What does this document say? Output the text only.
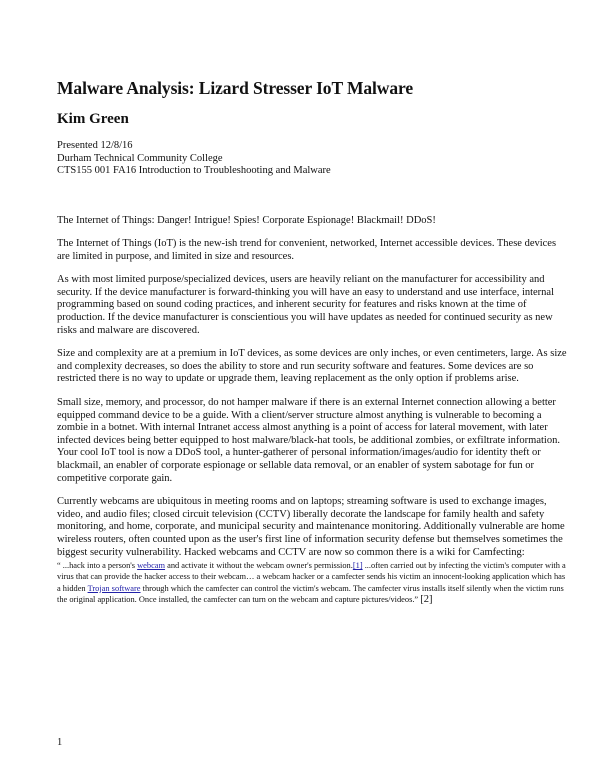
Malware Analysis: Lizard Stresser IoT Malware
Kim Green
Presented 12/8/16
Durham Technical Community College
CTS155 001 FA16 Introduction to Troubleshooting and Malware

The Internet of Things: Danger! Intrigue! Spies! Corporate Espionage! Blackmail! DDoS!

The Internet of Things (IoT) is the new-ish trend for convenient, networked, Internet accessible devices. These devices are limited in purpose, and limited in size and resources.

As with most limited purpose/specialized devices, users are heavily reliant on the manufacturer for accessibility and security. If the device manufacturer is forward-thinking you will have an easy to understand and use interface, internal programming based on sound coding practices, and inherent security for features and risks known at the time of production. If the device manufacturer is conscientious you will have updates as needed for continued security as new risks and malware are discovered.

Size and complexity are at a premium in IoT devices, as some devices are only inches, or even centimeters, large. As size and complexity decreases, so does the ability to store and run security software and features. Some devices are so restricted there is no way to update or upgrade them, leaving replacement as the only option if problems arise.

Small size, memory, and processor, do not hamper malware if there is an external Internet connection allowing a better equipped command device to be a guide. With a client/server structure almost anything is vulnerable to becoming a zombie in a botnet. With internal Intranet access almost anything is a point of access for lateral movement, with later infected devices being better equipped to host malware/black-hat tools, be additional zombies, or exfiltrate information. Your cool IoT tool is now a DDoS tool, a hunter-gatherer of personal information/images/audio for identity theft or blackmail, an enabler of corporate espionage or sellable data removal, or an enabler of system sabotage for fun or competitive corporate gain.

Currently webcams are ubiquitous in meeting rooms and on laptops; streaming software is used to exchange images, video, and audio files; closed circuit television (CCTV) liberally decorate the landscape for family health and safety monitoring, and home, corporate, and municipal security and maintenance monitoring. Additionally vulnerable are home wireless routers, often counted upon as the user's first line of information security defense but themselves sometimes the biggest security vulnerability. Hacked webcams and CCTV are now so common there is a wiki for Camfecting:

“ ...hack into a person's webcam and activate it without the webcam owner's permission.[1] ...often carried out by infecting the victim's computer with a virus that can provide the hacker access to their webcam… a webcam hacker or a camfecter sends his victim an innocent-looking application which has a hidden Trojan software through which the camfecter can control the victim's webcam. The camfecter virus installs itself silently when the victim runs the original application. Once installed, the camfecter can turn on the webcam and capture pictures/videos.” [2]

1
